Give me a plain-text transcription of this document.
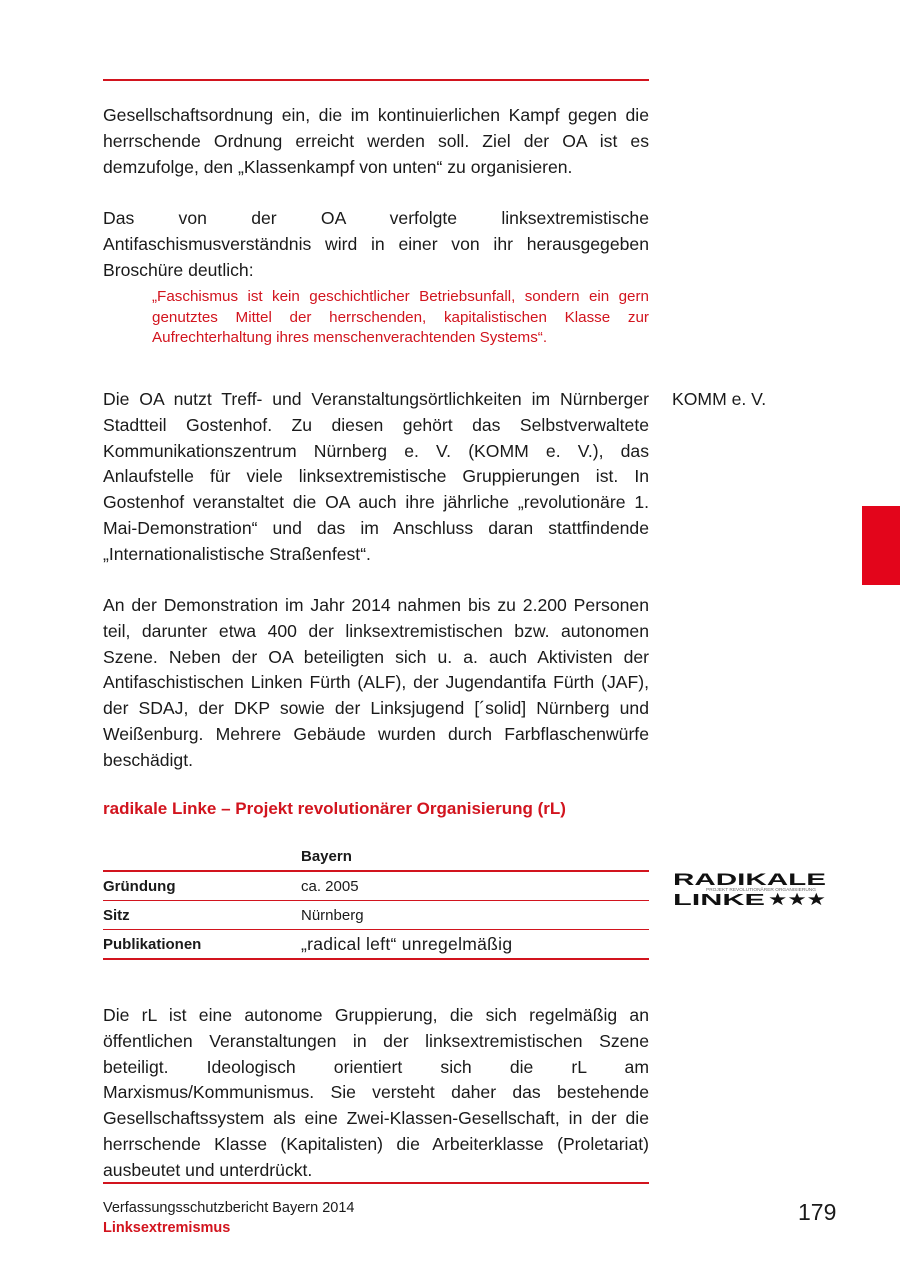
Gesellschaftsordnung ein, die im kontinuierlichen Kampf gegen die herrschende Ordnung erreicht werden soll. Ziel der OA ist es demzufolge, den „Klassenkampf von unten“ zu organisieren.

Das von der OA verfolgte linksextremistische Antifaschismusverständnis wird in einer von ihr herausgegeben Broschüre deutlich:

„Faschismus ist kein geschichtlicher Betriebsunfall, sondern ein gern genutztes Mittel der herrschenden, kapitalistischen Klasse zur Aufrechterhaltung ihres menschenverachtenden Systems“.

Die OA nutzt Treff- und Veranstaltungsörtlichkeiten im Nürnberger Stadtteil Gostenhof. Zu diesen gehört das Selbstverwaltete Kommunikationszentrum Nürnberg e. V. (KOMM e. V.), das Anlaufstelle für viele linksextremistische Gruppierungen ist. In Gostenhof veranstaltet die OA auch ihre jährliche „revolutionäre 1. Mai-Demonstration“ und das im Anschluss daran stattfindende „Internationalistische Straßenfest“.

KOMM e. V.

An der Demonstration im Jahr 2014 nahmen bis zu 2.200 Personen teil, darunter etwa 400 der linksextremistischen bzw. autonomen Szene. Neben der OA beteiligten sich u. a. auch Aktivisten der Antifaschistischen Linken Fürth (ALF), der Jugendantifa Fürth (JAF), der SDAJ, der DKP sowie der Linksjugend [´solid] Nürnberg und Weißenburg. Mehrere Gebäude wurden durch Farbflaschenwürfe beschädigt.

radikale Linke – Projekt revolutionärer Organisierung (rL)
	Bayern
Gründung	ca. 2005
Sitz	Nürnberg
Publikationen	„radical left“ unregelmäßig
RADIKALE
PROJEKT REVOLUTIONÄRER ORGANISIERUNG
LINKE ★★★

Die rL ist eine autonome Gruppierung, die sich regelmäßig an öffentlichen Veranstaltungen in der linksextremistischen Szene beteiligt. Ideologisch orientiert sich die rL am Marxismus/Kommunismus. Sie versteht daher das bestehende Gesellschaftssystem als eine Zwei-Klassen-Gesellschaft, in der die herrschende Klasse (Kapitalisten) die Arbeiterklasse (Proletariat) ausbeutet und unterdrückt.

Verfassungsschutzbericht Bayern 2014
Linksextremismus
179
